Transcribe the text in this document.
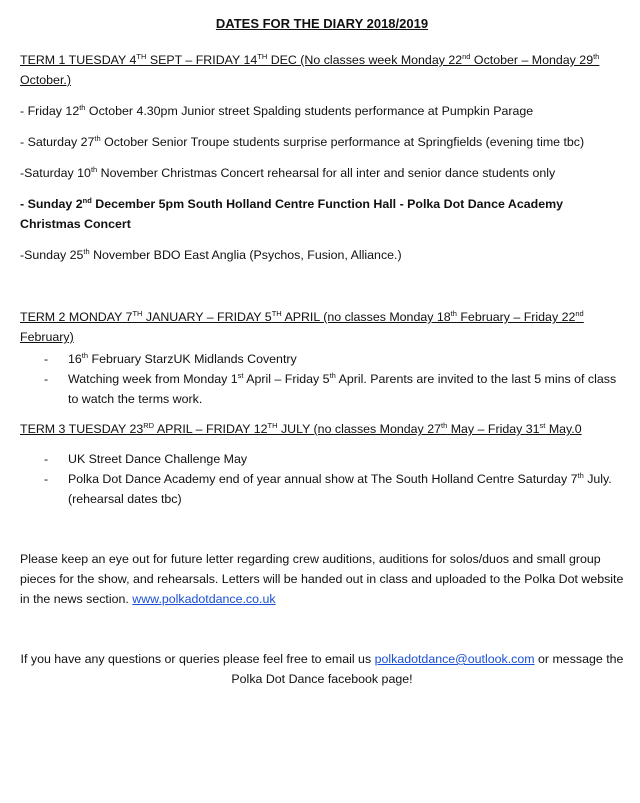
DATES FOR THE DIARY 2018/2019

TERM 1 TUESDAY 4TH SEPT – FRIDAY 14TH DEC (No classes week Monday 22nd October – Monday 29th October.)

- Friday 12th October 4.30pm Junior street Spalding students performance at Pumpkin Parage

- Saturday 27th October Senior Troupe students surprise performance at Springfields (evening time tbc)

-Saturday 10th November Christmas Concert rehearsal for all inter and senior dance students only

- Sunday 2nd December 5pm South Holland Centre Function Hall - Polka Dot Dance Academy Christmas Concert

-Sunday 25th November BDO East Anglia (Psychos, Fusion, Alliance.)

TERM 2 MONDAY 7TH JANUARY – FRIDAY 5TH APRIL (no classes Monday 18th February – Friday 22nd February)

- 16th February StarzUK Midlands Coventry
- Watching week from Monday 1st April – Friday 5th April. Parents are invited to the last 5 mins of class to watch the terms work.

TERM 3 TUESDAY 23RD APRIL – FRIDAY 12TH JULY (no classes Monday 27th May – Friday 31st May.0

- UK Street Dance Challenge May
- Polka Dot Dance Academy end of year annual show at The South Holland Centre Saturday 7th July. (rehearsal dates tbc)

Please keep an eye out for future letter regarding crew auditions, auditions for solos/duos and small group pieces for the show, and rehearsals. Letters will be handed out in class and uploaded to the Polka Dot website in the news section. www.polkadotdance.co.uk

If you have any questions or queries please feel free to email us polkadotdance@outlook.com or message the Polka Dot Dance facebook page!
